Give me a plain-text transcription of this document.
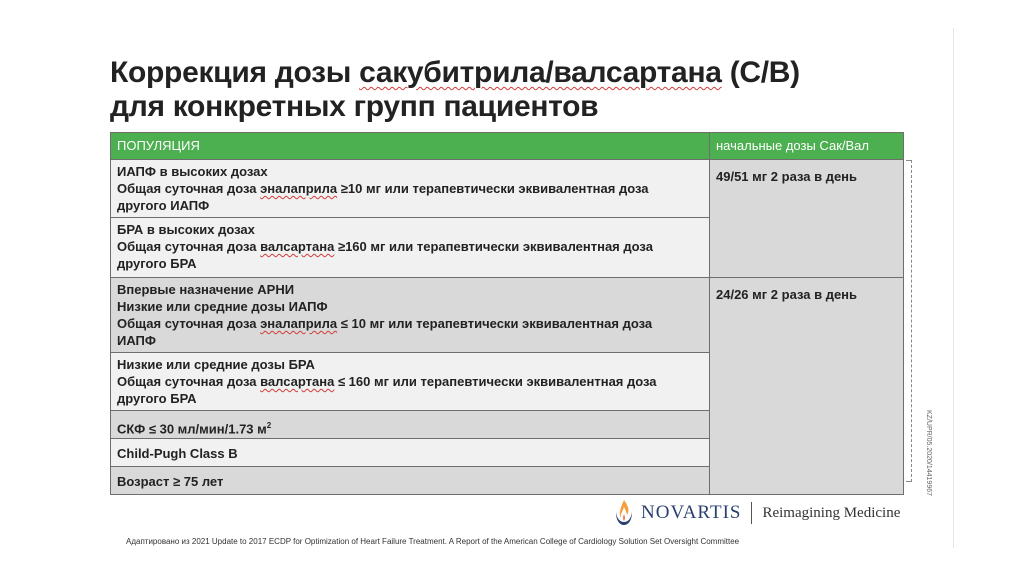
Коррекция дозы сакубитрила/валсартана (С/В)
для конкретных групп пациентов
ПОПУЛЯЦИЯ	начальные дозы Сак/Вал
ИАПФ в высоких дозах
Общая суточная доза эналаприла ≥10 мг или терапевтически эквивалентная доза
другого ИАПФ
БРА в высоких дозах
Общая суточная доза валсартана ≥160 мг или терапевтически эквивалентная доза
другого БРА
Впервые назначение АРНИ
Низкие или средние дозы ИАПФ
Общая суточная доза эналаприла ≤ 10 мг или терапевтически эквивалентная доза
ИАПФ
Низкие или средние дозы БРА
Общая суточная доза валсартана ≤ 160 мг или терапевтически эквивалентная доза
другого БРА
СКФ ≤ 30 мл/мин/1.73 $м^2$
Child-Pugh Class B
Возраст ≥ 75 лет
49/51 мг 2 раза в день
24/26 мг 2 раза в день
KZ/UPR/05.2020/14419967
NOVARTIS Reimagining Medicine
Адаптировано из 2021 Update to 2017 ECDP for Optimization of Heart Failure Treatment. A Report of the American College of Cardiology Solution Set Oversight Committee
